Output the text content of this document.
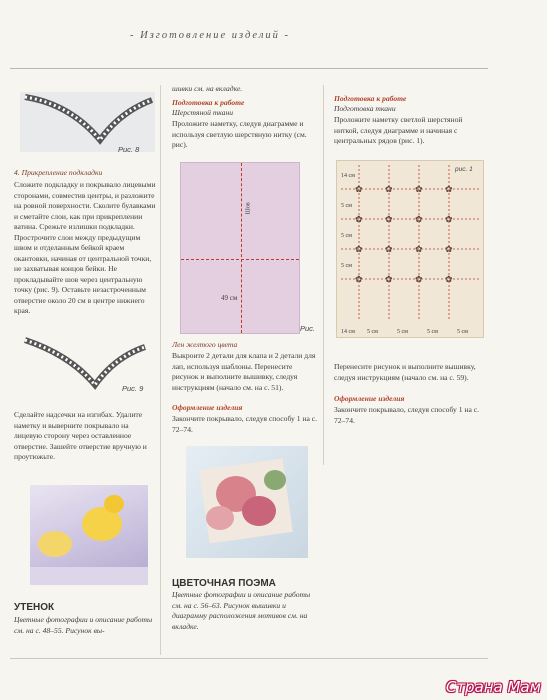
- Изготовление изделий -
Рис. 8
4. Прикрепление подкладки
Сложите подкладку и покрывало лицевыми сторонами, совместив центры, и разложите на ровной поверхности. Сколите булавками и сметайте слои, как при прикреплении ватина. Срежьте излишки подкладки. Прострочите слои между предыдущим швом и отделанным бейкой краем окантовки, начиная от центральной точки, не захватывая концов бейки. Не прокладывайте шов через центральную точку (рис. 9). Оставьте незастроченным отверстие около 20 см в центре нижнего края.
Рис. 9
Сделайте надсечки на изгибах. Удалите наметку и выверните покрывало на лицевую сторону через оставленное отверстие. Зашейте отверстие вручную и проутюжьте.
УТЕНОК
Цветные фотографии и описание работы см. на с. 48–55. Рисунок вы-
шивки см. на вкладке.
Подготовка к работе
Шерстяной ткани
Проложите наметку, следуя диаграмме и используя светлую шерстяную нитку (см. рис).
49 см
Шов
Рис.
Лен желтого цвета
Выкроите 2 детали для клапа и 2 детали для лап, используя шаблоны. Перенесите рисунок и выполните вышивку, следуя инструкциям (начало см. на с. 51).
Оформление изделия
Закончите покрывало, следуя способу 1 на с. 72–74.
ЦВЕТОЧНАЯ ПОЭМА
Цветные фотографии и описание работы см. на с. 56–63. Рисунок вышивки и диаграмму расположения мотивов см. на вкладке.
Подготовка к работе
Подготовка ткани
Проложите наметку светлой шерстяной ниткой, следуя диаграмме и начиная с центральных рядов (рис. 1).
✿ ✿ ✿ ✿
✿ ✿ ✿ ✿
✿ ✿ ✿ ✿
✿ ✿ ✿ ✿
рис. 1
14 см 5 см	5 см	5 см	5 см
14 см
5 см
5 см
5 см
Перенесите рисунок и выполните вышивку, следуя инструкциям (начало см. на с. 59).
Оформление изделия
Закончите покрывало, следуя способу 1 на с. 72–74.
Страна Мам
